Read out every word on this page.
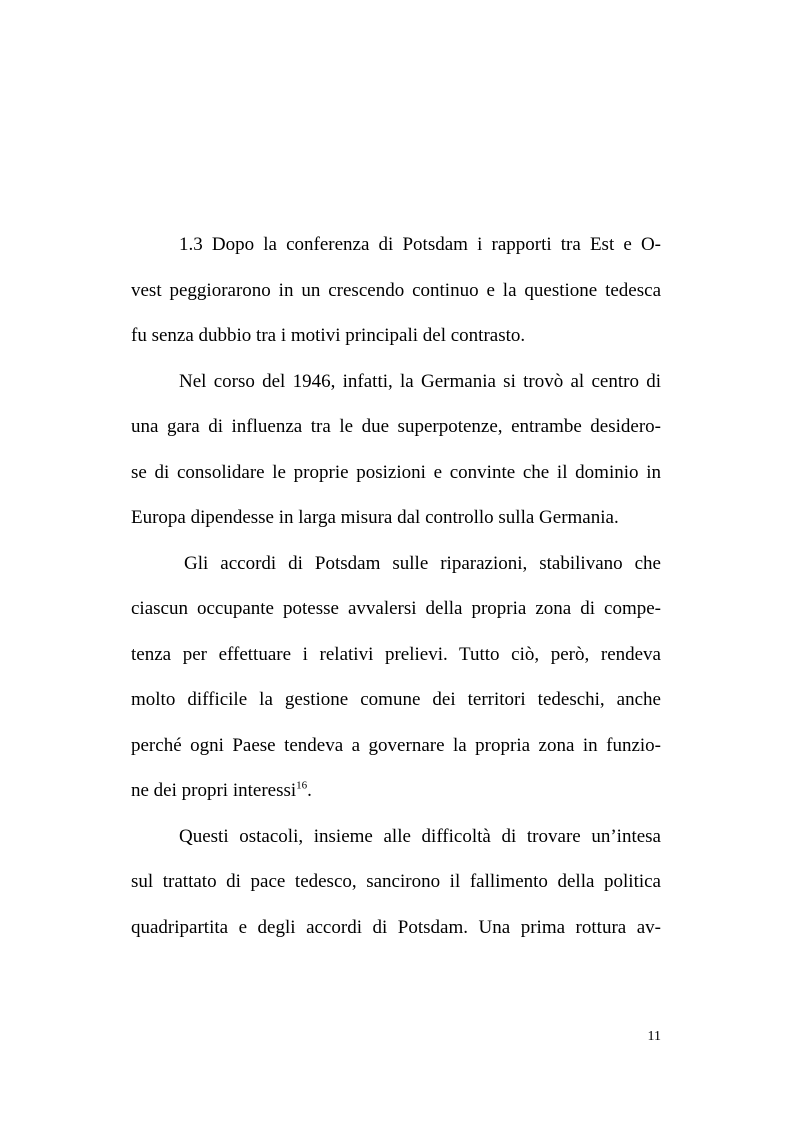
1.3 Dopo la conferenza di Potsdam i rapporti tra Est e O-
vest peggiorarono in un crescendo continuo e la questione tedesca
fu senza dubbio tra i motivi principali del contrasto.
Nel corso del 1946, infatti, la Germania si trovò al centro di
una gara di influenza tra le due superpotenze, entrambe desidero-
se di consolidare le proprie posizioni e convinte che il dominio in
Europa dipendesse in larga misura dal controllo sulla Germania.
Gli accordi di Potsdam sulle riparazioni, stabilivano che
ciascun occupante potesse avvalersi della propria zona di compe-
tenza per effettuare i relativi prelievi. Tutto ciò, però, rendeva
molto difficile la gestione comune dei territori tedeschi, anche
perché ogni Paese tendeva a governare la propria zona in funzio-
ne dei propri interessi$^{16}$.
Questi ostacoli, insieme alle difficoltà di trovare un’intesa
sul trattato di pace tedesco, sancirono il fallimento della politica
quadripartita e degli accordi di Potsdam. Una prima rottura av-
11
